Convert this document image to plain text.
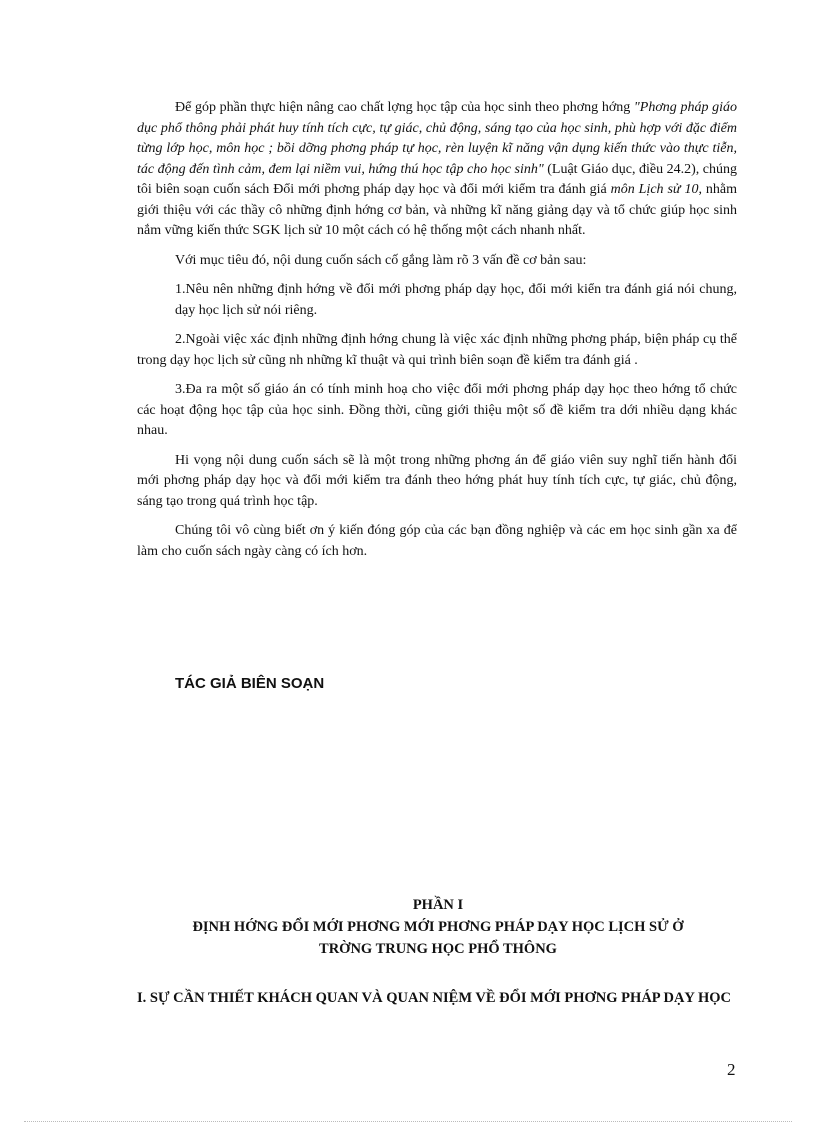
Để góp phần thực hiện nâng cao chất lợng học tập của học sinh theo phơng hớng "Phơng pháp giáo dục phổ thông phải phát huy tính tích cực, tự giác, chủ động, sáng tạo của học sinh, phù hợp với đặc điểm từng lớp học, môn học ; bồi dỡng phơng pháp tự học, rèn luyện kĩ năng vận dụng kiến thức vào thực tiễn, tác động đến tình cảm, đem lại niềm vui, hứng thú học tập cho học sinh" (Luật Giáo dục, điều 24.2), chúng tôi biên soạn cuốn sách Đổi mới phơng pháp dạy học và đổi mới kiểm tra đánh giá môn Lịch sử 10, nhằm giới thiệu với các thầy cô những định hớng cơ bản, và những kĩ năng giảng dạy và tổ chức giúp học sinh nắm vững kiến thức SGK lịch sử 10 một cách có hệ thống một cách nhanh nhất.

Với mục tiêu đó, nội dung cuốn sách cố gắng làm rõ 3 vấn đề cơ bản sau:

1.Nêu nên những định hớng về đổi mới phơng pháp dạy học, đổi mới kiển tra đánh giá nói chung, dạy học lịch sử nói riêng.

2.Ngoài việc xác định những định hớng chung là việc xác định những phơng pháp, biện pháp cụ thể trong dạy học lịch sử cũng nh những kĩ thuật và qui trình biên soạn đề kiểm tra đánh giá .

3.Đa ra một số giáo án có tính minh hoạ cho việc đổi mới phơng pháp dạy học theo hớng tổ chức các hoạt động học tập của học sinh. Đồng thời, cũng giới thiệu một số đề kiểm tra dới nhiều dạng khác nhau.

Hi vọng nội dung cuốn sách sẽ là một trong những phơng án để giáo viên suy nghĩ tiến hành đổi mới phơng pháp dạy học và đổi mới kiểm tra đánh theo hớng phát huy tính tích cực, tự giác, chủ động, sáng tạo trong quá trình học tập.

Chúng tôi vô cùng biết ơn ý kiến đóng góp của các bạn đồng nghiệp và các em học sinh gần xa để làm cho cuốn sách ngày càng có ích hơn.

TÁC GIẢ BIÊN SOẠN
PHẦN I
ĐỊNH HỚNG ĐỔI MỚI PHƠNG MỚI PHƠNG PHÁP DẠY HỌC LỊCH SỬ Ở
TRỜNG TRUNG HỌC PHỔ THÔNG
I. SỰ CẦN THIẾT KHÁCH QUAN VÀ QUAN NIỆM VỀ ĐỔI MỚI PHƠNG PHÁP DẠY HỌC
2
